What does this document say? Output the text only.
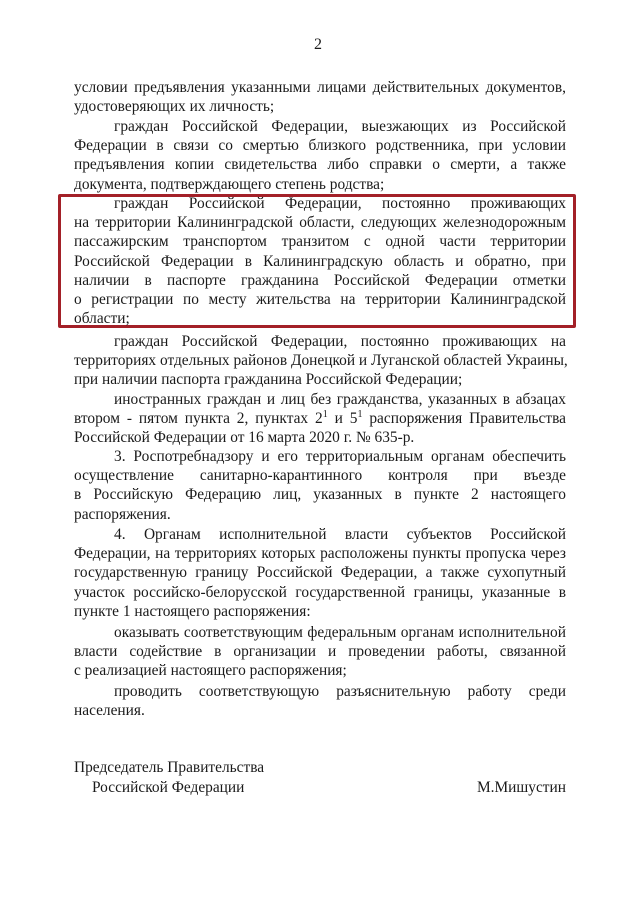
2
условии предъявления указанными лицами действительных документов,
удостоверяющих их личность;
граждан Российской Федерации, выезжающих из Российской
Федерации в связи со смертью близкого родственника, при условии
предъявления копии свидетельства либо справки о смерти, а также
документа, подтверждающего степень родства;
граждан Российской Федерации, постоянно проживающих
на территории Калининградской области, следующих железнодорожным
пассажирским транспортом транзитом с одной части территории
Российской Федерации в Калининградскую область и обратно, при
наличии в паспорте гражданина Российской Федерации отметки
о регистрации по месту жительства на территории Калининградской
области;
граждан Российской Федерации, постоянно проживающих на
территориях отдельных районов Донецкой и Луганской областей Украины,
при наличии паспорта гражданина Российской Федерации;
иностранных граждан и лиц без гражданства, указанных в абзацах
втором - пятом пункта 2, пунктах $2^1$ и $5^1$ распоряжения Правительства
Российской Федерации от 16 марта 2020 г. № 635-р.
3. Роспотребнадзору и его территориальным органам обеспечить
осуществление санитарно-карантинного контроля при въезде
в Российскую Федерацию лиц, указанных в пункте 2 настоящего
распоряжения.
4. Органам исполнительной власти субъектов Российской
Федерации, на территориях которых расположены пункты пропуска через
государственную границу Российской Федерации, а также сухопутный
участок российско-белорусской государственной границы, указанные в
пункте 1 настоящего распоряжения:
оказывать соответствующим федеральным органам исполнительной
власти содействие в организации и проведении работы, связанной
с реализацией настоящего распоряжения;
проводить соответствующую разъяснительную работу среди
населения.
Председатель Правительства
Российской Федерации	М.Мишустин
